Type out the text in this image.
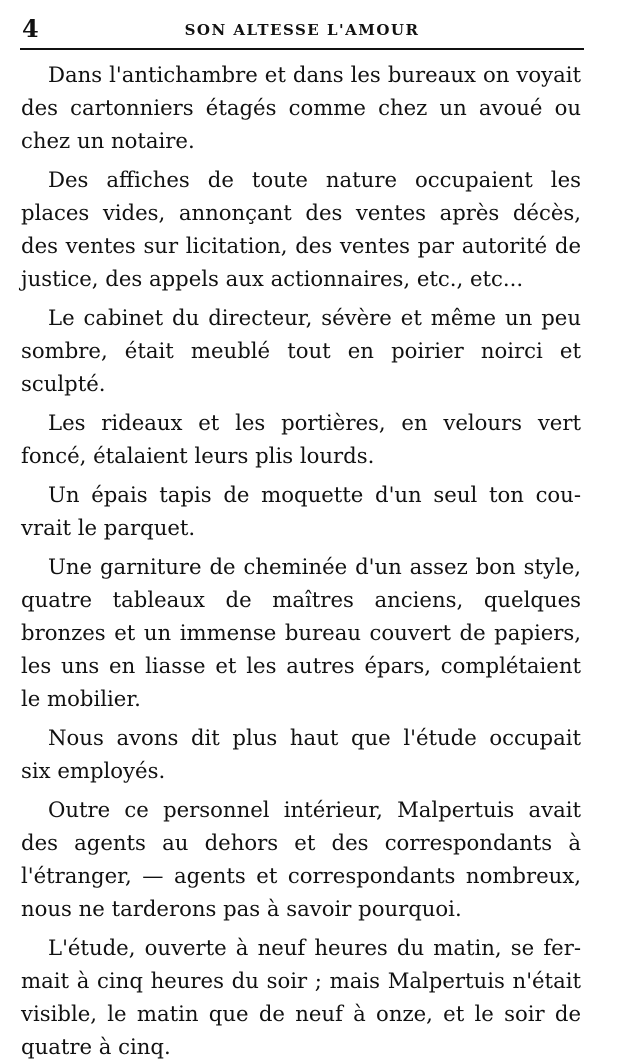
4	SON ALTESSE L'AMOUR

Dans l'antichambre et dans les bureaux on voyait
des cartonniers étagés comme chez un avoué ou
chez un notaire.

Des affiches de toute nature occupaient les
places vides, annonçant des ventes après décès,
des ventes sur licitation, des ventes par autorité de
justice, des appels aux actionnaires, etc., etc...

Le cabinet du directeur, sévère et même un peu
sombre, était meublé tout en poirier noirci et
sculpté.

Les rideaux et les portières, en velours vert
foncé, étalaient leurs plis lourds.

Un épais tapis de moquette d'un seul ton cou-
vrait le parquet.

Une garniture de cheminée d'un assez bon style,
quatre tableaux de maîtres anciens, quelques
bronzes et un immense bureau couvert de papiers,
les uns en liasse et les autres épars, complétaient
le mobilier.

Nous avons dit plus haut que l'étude occupait
six employés.

Outre ce personnel intérieur, Malpertuis avait
des agents au dehors et des correspondants à
l'étranger, — agents et correspondants nombreux,
nous ne tarderons pas à savoir pourquoi.

L'étude, ouverte à neuf heures du matin, se fer-
mait à cinq heures du soir ; mais Malpertuis n'était
visible, le matin que de neuf à onze, et le soir de
quatre à cinq.
